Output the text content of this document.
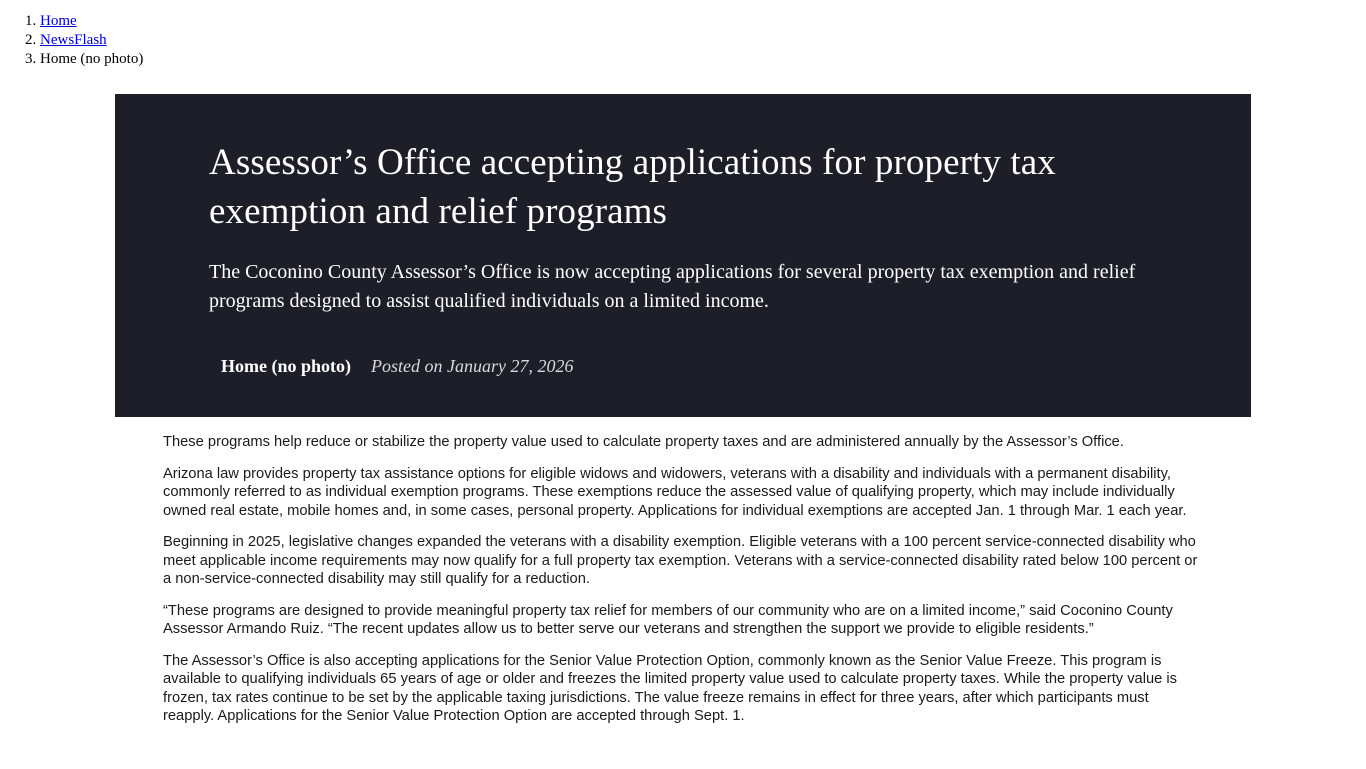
1. Home
2. NewsFlash
3. Home (no photo)
Assessor’s Office accepting applications for property tax exemption and relief programs
The Coconino County Assessor’s Office is now accepting applications for several property tax exemption and relief programs designed to assist qualified individuals on a limited income.
Home (no photo) Posted on January 27, 2026

These programs help reduce or stabilize the property value used to calculate property taxes and are administered annually by the Assessor’s Office.

Arizona law provides property tax assistance options for eligible widows and widowers, veterans with a disability and individuals with a permanent disability, commonly referred to as individual exemption programs. These exemptions reduce the assessed value of qualifying property, which may include individually owned real estate, mobile homes and, in some cases, personal property. Applications for individual exemptions are accepted Jan. 1 through Mar. 1 each year.

Beginning in 2025, legislative changes expanded the veterans with a disability exemption. Eligible veterans with a 100 percent service-connected disability who meet applicable income requirements may now qualify for a full property tax exemption. Veterans with a service-connected disability rated below 100 percent or a non-service-connected disability may still qualify for a reduction.

“These programs are designed to provide meaningful property tax relief for members of our community who are on a limited income,” said Coconino County Assessor Armando Ruiz. “The recent updates allow us to better serve our veterans and strengthen the support we provide to eligible residents.”

The Assessor’s Office is also accepting applications for the Senior Value Protection Option, commonly known as the Senior Value Freeze. This program is available to qualifying individuals 65 years of age or older and freezes the limited property value used to calculate property taxes. While the property value is frozen, tax rates continue to be set by the applicable taxing jurisdictions. The value freeze remains in effect for three years, after which participants must reapply. Applications for the Senior Value Protection Option are accepted through Sept. 1.
